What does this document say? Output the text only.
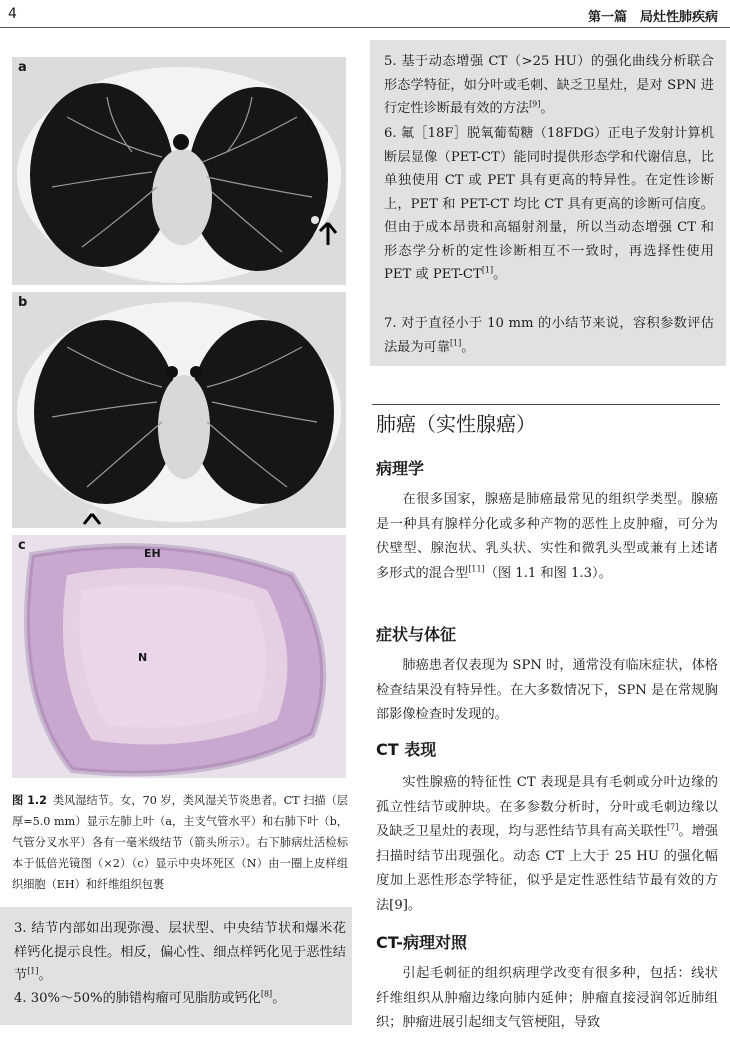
4	第一篇　局灶性肺疾病
a
b
c
EH
N
图 1.2 类风湿结节。女，70 岁，类风湿关节炎患者。CT 扫描（层厚=5.0 mm）显示左肺上叶（a，主支气管水平）和右肺下叶（b，气管分叉水平）各有一毫米级结节（箭头所示）。右下肺病灶活检标本于低倍光镜图（×2）（c）显示中央坏死区（N）由一圈上皮样组织细胞（EH）和纤维组织包裹
3. 结节内部如出现弥漫、层状型、中央结节状和爆米花样钙化提示良性。相反，偏心性、细点样钙化见于恶性结节[1]。
4. 30%～50%的肺错构瘤可见脂肪或钙化[8]。
5. 基于动态增强 CT（>25 HU）的强化曲线分析联合形态学特征，如分叶或毛刺、缺乏卫星灶，是对 SPN 进行定性诊断最有效的方法[9]。
6. 氟［18F］脱氧葡萄糖（18FDG）正电子发射计算机断层显像（PET-CT）能同时提供形态学和代谢信息，比单独使用 CT 或 PET 具有更高的特异性。在定性诊断上，PET 和 PET-CT 均比 CT 具有更高的诊断可信度。但由于成本昂贵和高辐射剂量，所以当动态增强 CT 和形态学分析的定性诊断相互不一致时，再选择性使用 PET 或 PET-CT[1]。
7. 对于直径小于 10 mm 的小结节来说，容积参数评估法最为可靠[1]。
肺癌（实性腺癌）
病理学
在很多国家，腺癌是肺癌最常见的组织学类型。腺癌是一种具有腺样分化或多种产物的恶性上皮肿瘤，可分为伏壁型、腺泡状、乳头状、实性和微乳头型或兼有上述诸多形式的混合型[11]（图 1.1 和图 1.3）。
症状与体征
肺癌患者仅表现为 SPN 时，通常没有临床症状，体格检查结果没有特异性。在大多数情况下，SPN 是在常规胸部影像检查时发现的。
CT 表现
实性腺癌的特征性 CT 表现是具有毛刺或分叶边缘的孤立性结节或肿块。在多参数分析时，分叶或毛刺边缘以及缺乏卫星灶的表现，均与恶性结节具有高关联性[7]。增强扫描时结节出现强化。动态 CT 上大于 25 HU 的强化幅度加上恶性形态学特征，似乎是定性恶性结节最有效的方法[9]。
CT-病理对照
引起毛刺征的组织病理学改变有很多种，包括：线状纤维组织从肿瘤边缘向肺内延伸；肿瘤直接浸润邻近肺组织；肿瘤进展引起细支气管梗阻，导致
